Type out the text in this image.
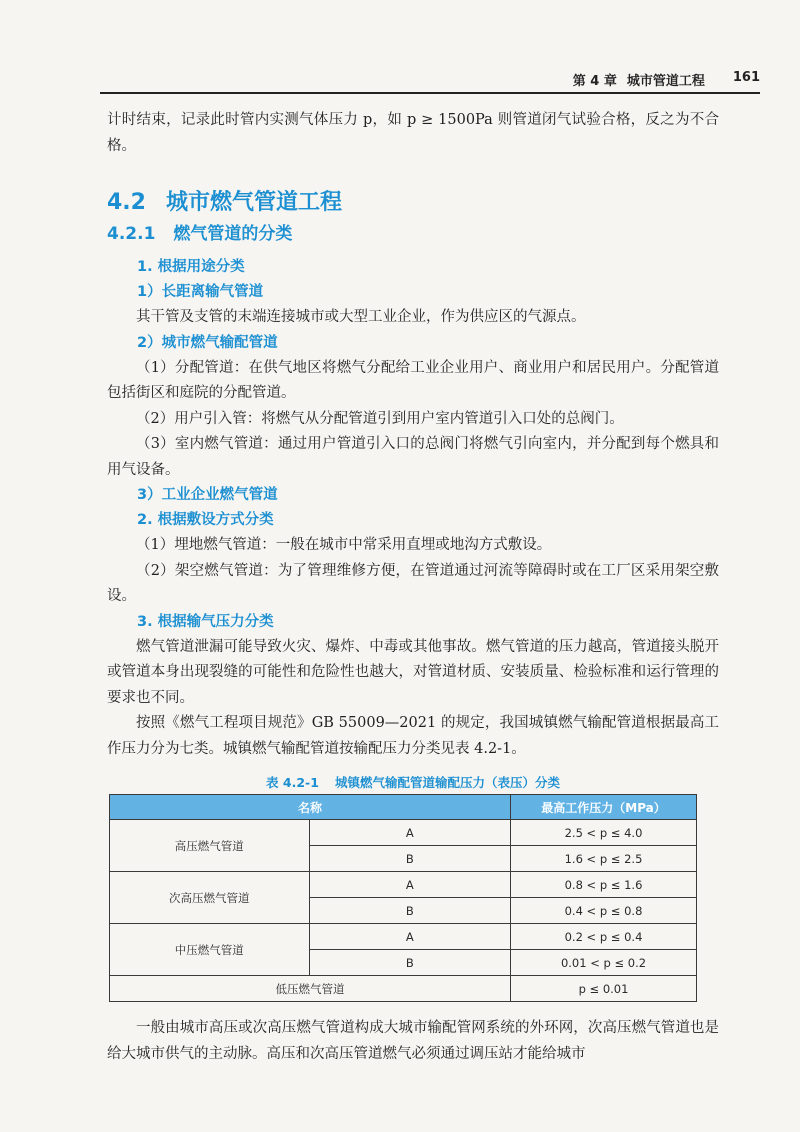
第 4 章 城市管道工程 161

计时结束，记录此时管内实测气体压力 p，如 p ≥ 1500Pa 则管道闭气试验合格，反之为不合格。

4.2 城市燃气管道工程
4.2.1 燃气管道的分类
1. 根据用途分类
1）长距离输气管道

其干管及支管的末端连接城市或大型工业企业，作为供应区的气源点。

2）城市燃气输配管道

（1）分配管道：在供气地区将燃气分配给工业企业用户、商业用户和居民用户。分配管道包括街区和庭院的分配管道。

（2）用户引入管：将燃气从分配管道引到用户室内管道引入口处的总阀门。

（3）室内燃气管道：通过用户管道引入口的总阀门将燃气引向室内，并分配到每个燃具和用气设备。

3）工业企业燃气管道
2. 根据敷设方式分类

（1）埋地燃气管道：一般在城市中常采用直埋或地沟方式敷设。

（2）架空燃气管道：为了管理维修方便，在管道通过河流等障碍时或在工厂区采用架空敷设。

3. 根据输气压力分类

燃气管道泄漏可能导致火灾、爆炸、中毒或其他事故。燃气管道的压力越高，管道接头脱开或管道本身出现裂缝的可能性和危险性也越大，对管道材质、安装质量、检验标准和运行管理的要求也不同。

按照《燃气工程项目规范》GB 55009—2021 的规定，我国城镇燃气输配管道根据最高工作压力分为七类。城镇燃气输配管道按输配压力分类见表 4.2-1。

表 4.2-1 城镇燃气输配管道输配压力（表压）分类
名称		最高工作压力（MPa）
高压燃气管道	A	2.5 < p ≤ 4.0
	B	1.6 < p ≤ 2.5
次高压燃气管道	A	0.8 < p ≤ 1.6
	B	0.4 < p ≤ 0.8
中压燃气管道	A	0.2 < p ≤ 0.4
	B	0.01 < p ≤ 0.2
低压燃气管道		p ≤ 0.01

一般由城市高压或次高压燃气管道构成大城市输配管网系统的外环网，次高压燃气管道也是给大城市供气的主动脉。高压和次高压管道燃气必须通过调压站才能给城市
